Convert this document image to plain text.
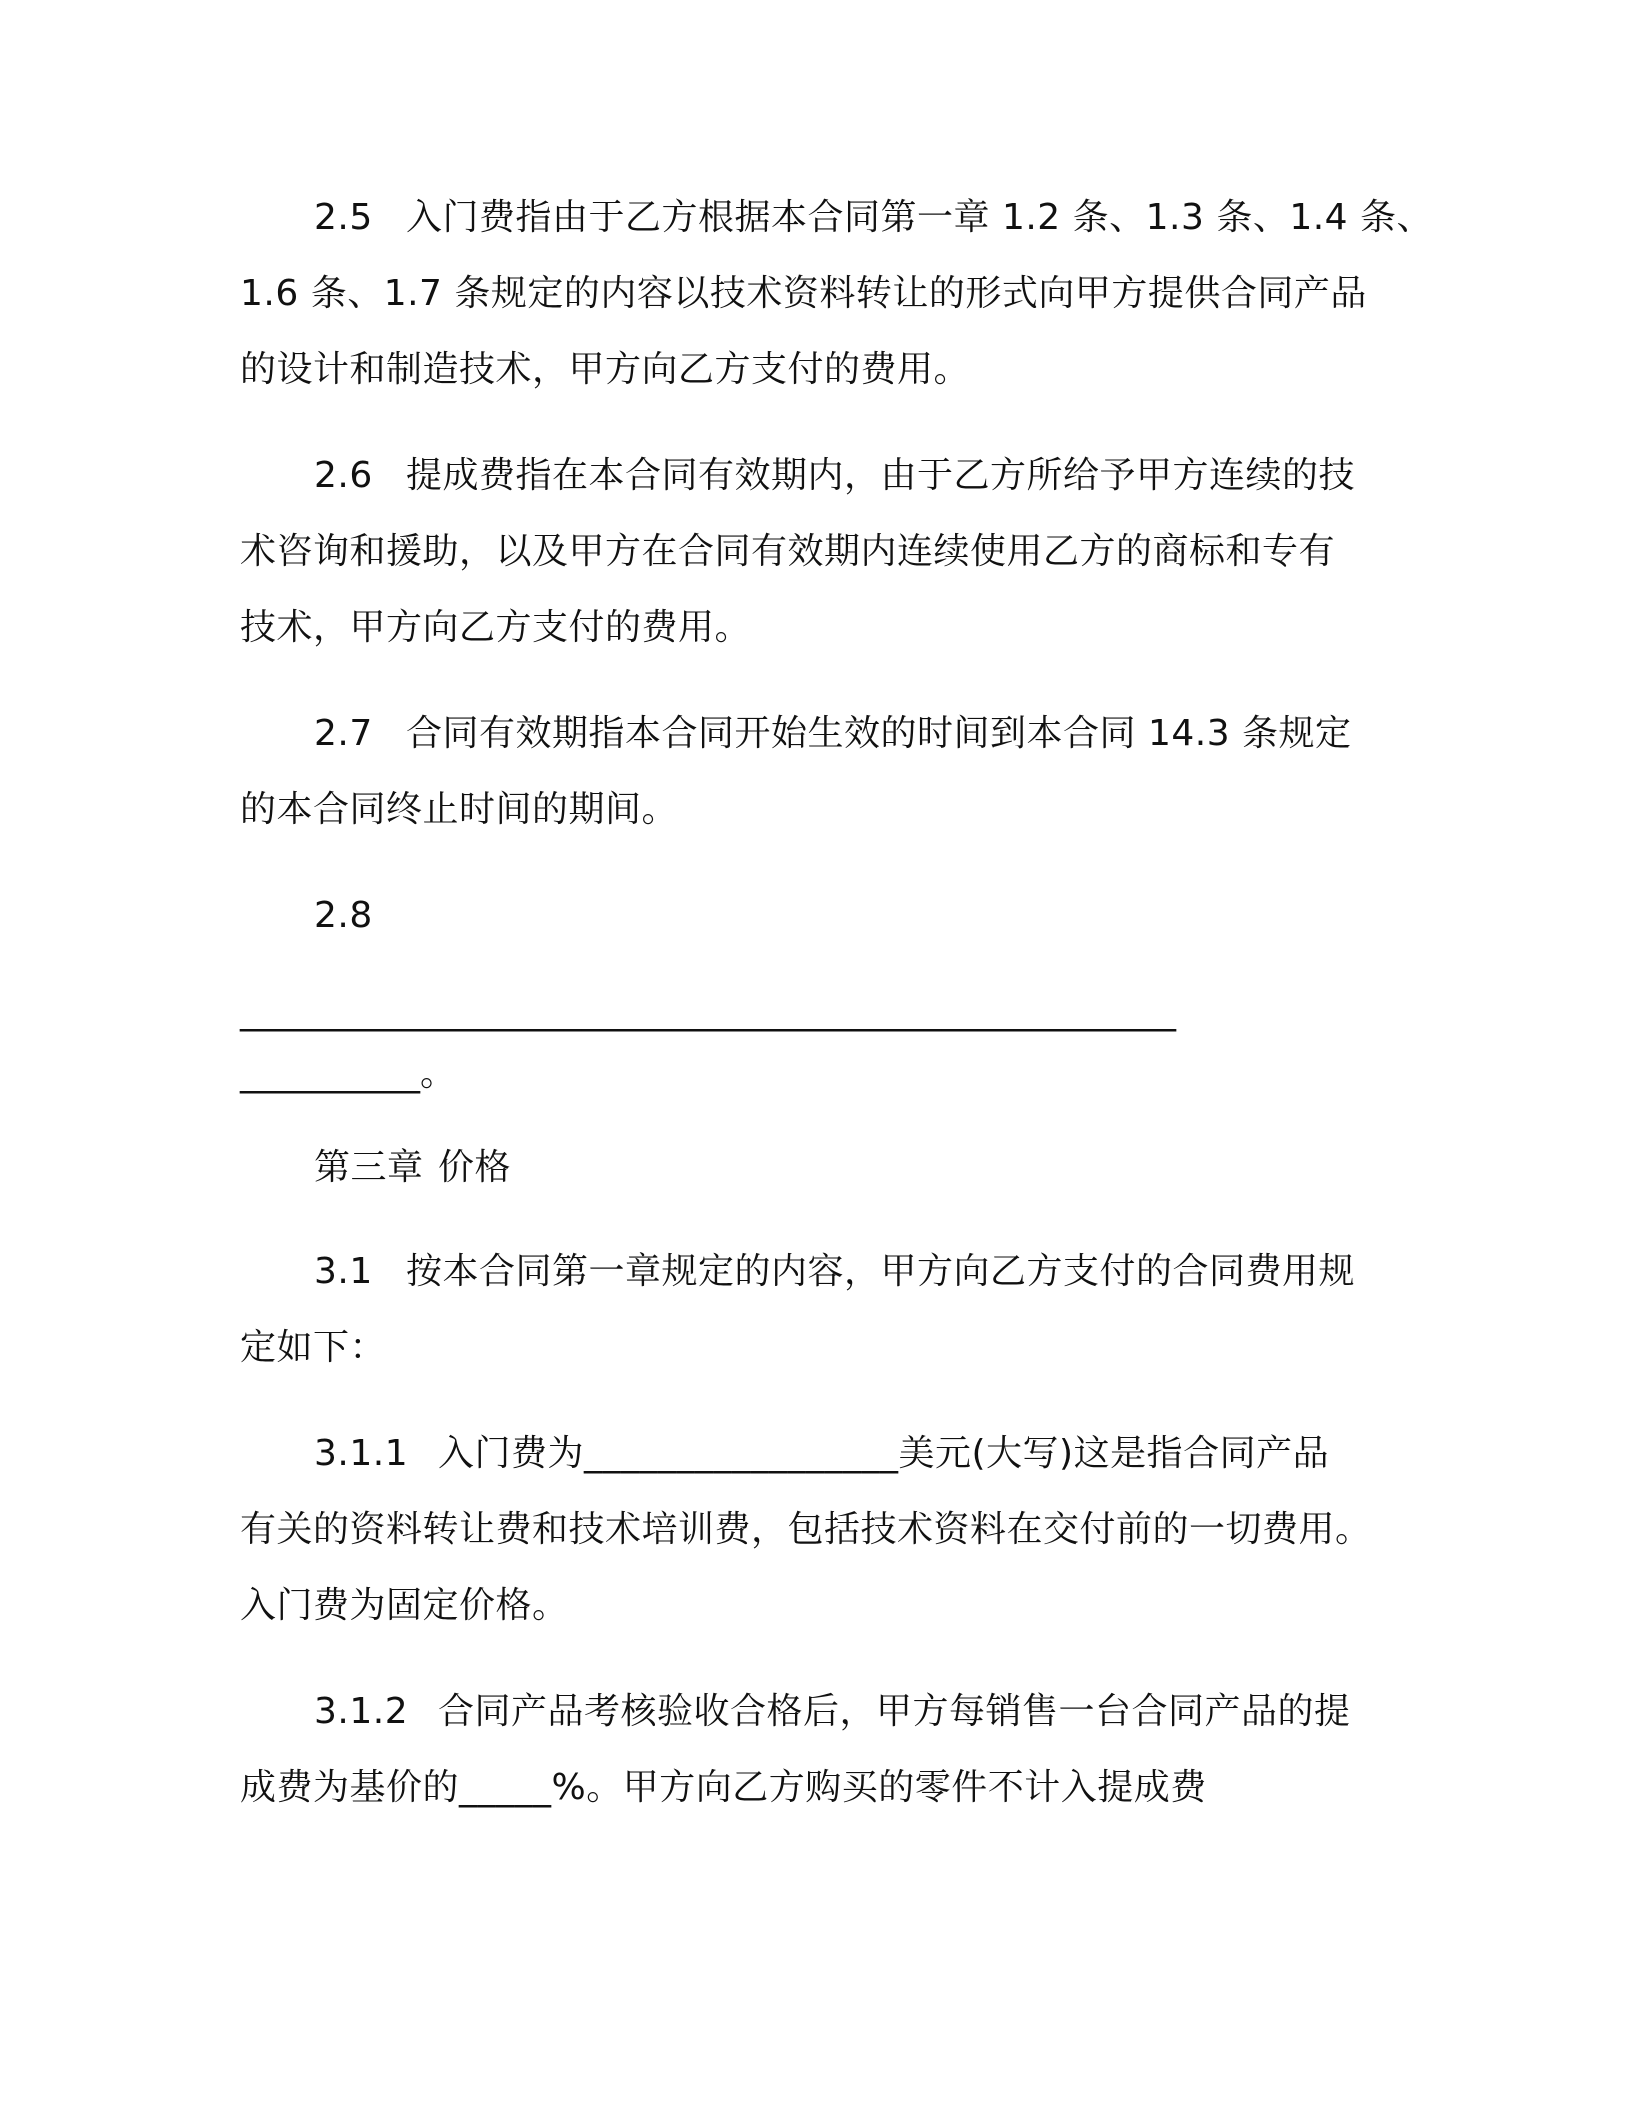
2.5 入门费指由于乙方根据本合同第一章 1.2 条、1.3 条、1.4 条、
1.6 条、1.7 条规定的内容以技术资料转让的形式向甲方提供合同产品
的设计和制造技术，甲方向乙方支付的费用。
2.6 提成费指在本合同有效期内，由于乙方所给予甲方连续的技
术咨询和援助，以及甲方在合同有效期内连续使用乙方的商标和专有
技术，甲方向乙方支付的费用。
2.7 合同有效期指本合同开始生效的时间到本合同 14.3 条规定
的本合同终止时间的期间。
2.8
____________________________________________________
__________。
第三章 价格
3.1 按本合同第一章规定的内容，甲方向乙方支付的合同费用规
定如下：
3.1.1 入门费为_________________美元(大写)这是指合同产品
有关的资料转让费和技术培训费，包括技术资料在交付前的一切费用。
入门费为固定价格。
3.1.2 合同产品考核验收合格后，甲方每销售一台合同产品的提
成费为基价的_____%。甲方向乙方购买的零件不计入提成费
